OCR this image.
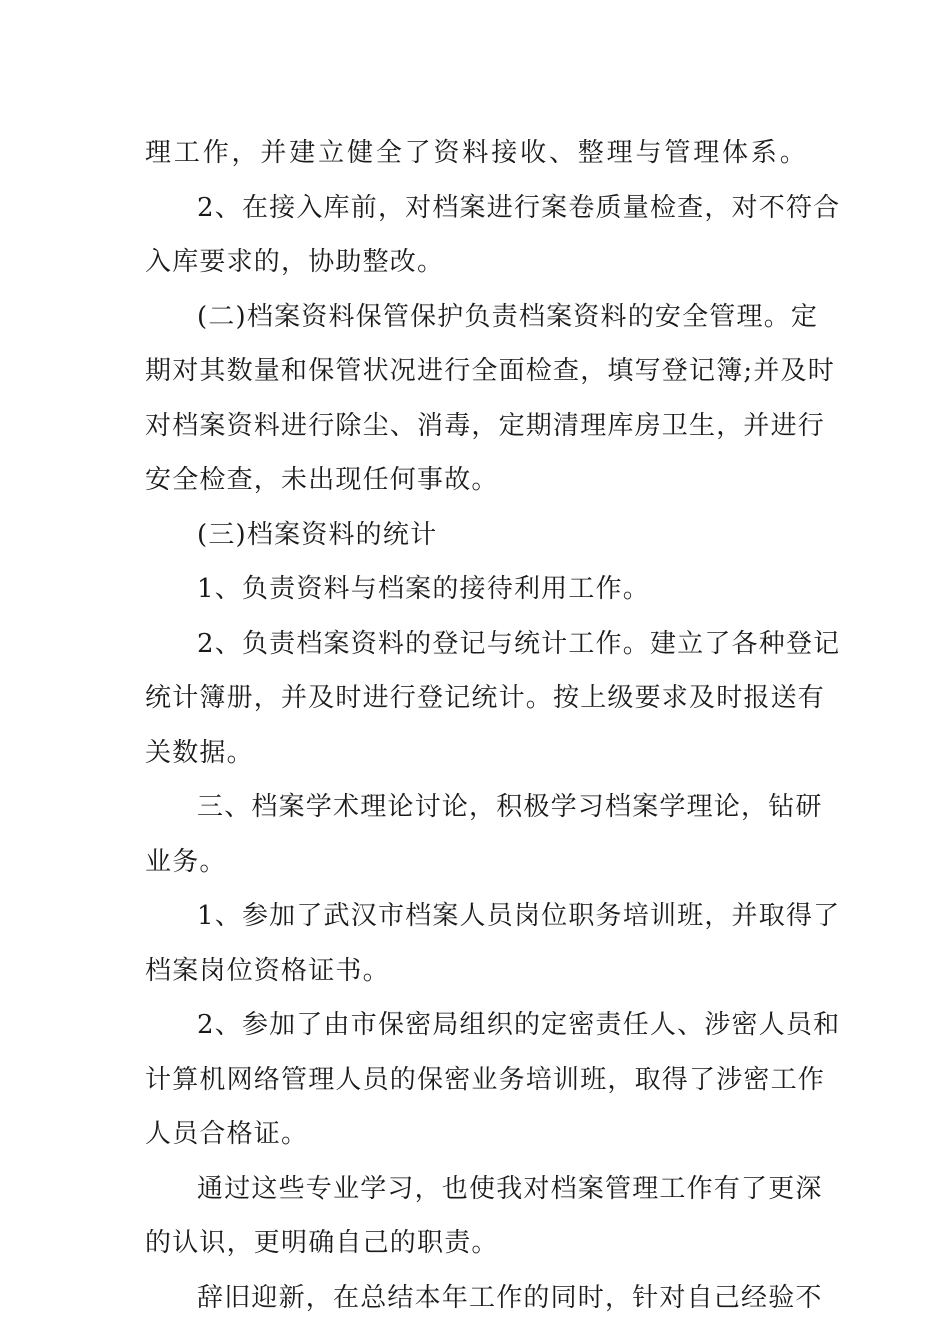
理工作，并建立健全了资料接收、整理与管理体系。
2、在接入库前，对档案进行案卷质量检查，对不符合
入库要求的，协助整改。
(二)档案资料保管保护负责档案资料的安全管理。定
期对其数量和保管状况进行全面检查，填写登记簿;并及时
对档案资料进行除尘、消毒，定期清理库房卫生，并进行
安全检查，未出现任何事故。
(三)档案资料的统计
1、负责资料与档案的接待利用工作。
2、负责档案资料的登记与统计工作。建立了各种登记
统计簿册，并及时进行登记统计。按上级要求及时报送有
关数据。
三、档案学术理论讨论，积极学习档案学理论，钻研
业务。
1、参加了武汉市档案人员岗位职务培训班，并取得了
档案岗位资格证书。
2、参加了由市保密局组织的定密责任人、涉密人员和
计算机网络管理人员的保密业务培训班，取得了涉密工作
人员合格证。
通过这些专业学习，也使我对档案管理工作有了更深
的认识，更明确自己的职责。
辞旧迎新，在总结本年工作的同时，针对自己经验不
